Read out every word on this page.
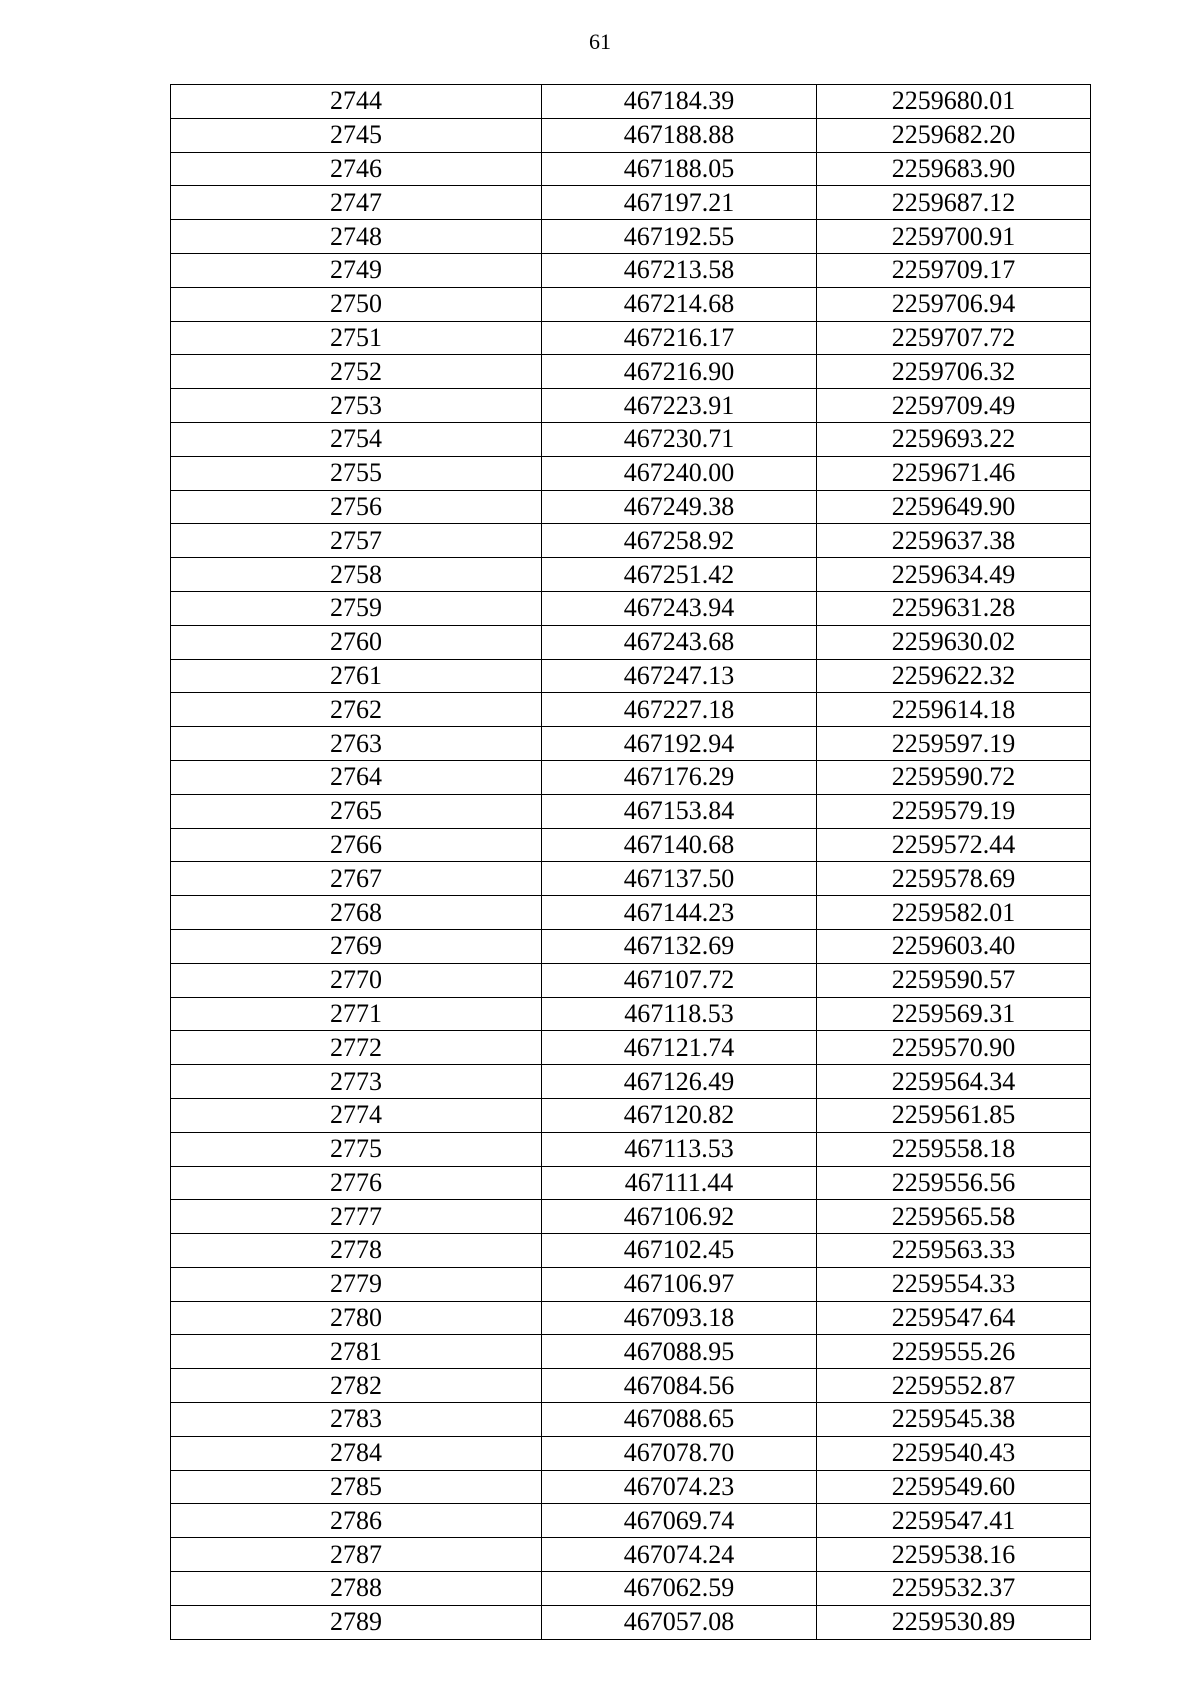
61
2744	467184.39	2259680.01
2745	467188.88	2259682.20
2746	467188.05	2259683.90
2747	467197.21	2259687.12
2748	467192.55	2259700.91
2749	467213.58	2259709.17
2750	467214.68	2259706.94
2751	467216.17	2259707.72
2752	467216.90	2259706.32
2753	467223.91	2259709.49
2754	467230.71	2259693.22
2755	467240.00	2259671.46
2756	467249.38	2259649.90
2757	467258.92	2259637.38
2758	467251.42	2259634.49
2759	467243.94	2259631.28
2760	467243.68	2259630.02
2761	467247.13	2259622.32
2762	467227.18	2259614.18
2763	467192.94	2259597.19
2764	467176.29	2259590.72
2765	467153.84	2259579.19
2766	467140.68	2259572.44
2767	467137.50	2259578.69
2768	467144.23	2259582.01
2769	467132.69	2259603.40
2770	467107.72	2259590.57
2771	467118.53	2259569.31
2772	467121.74	2259570.90
2773	467126.49	2259564.34
2774	467120.82	2259561.85
2775	467113.53	2259558.18
2776	467111.44	2259556.56
2777	467106.92	2259565.58
2778	467102.45	2259563.33
2779	467106.97	2259554.33
2780	467093.18	2259547.64
2781	467088.95	2259555.26
2782	467084.56	2259552.87
2783	467088.65	2259545.38
2784	467078.70	2259540.43
2785	467074.23	2259549.60
2786	467069.74	2259547.41
2787	467074.24	2259538.16
2788	467062.59	2259532.37
2789	467057.08	2259530.89
